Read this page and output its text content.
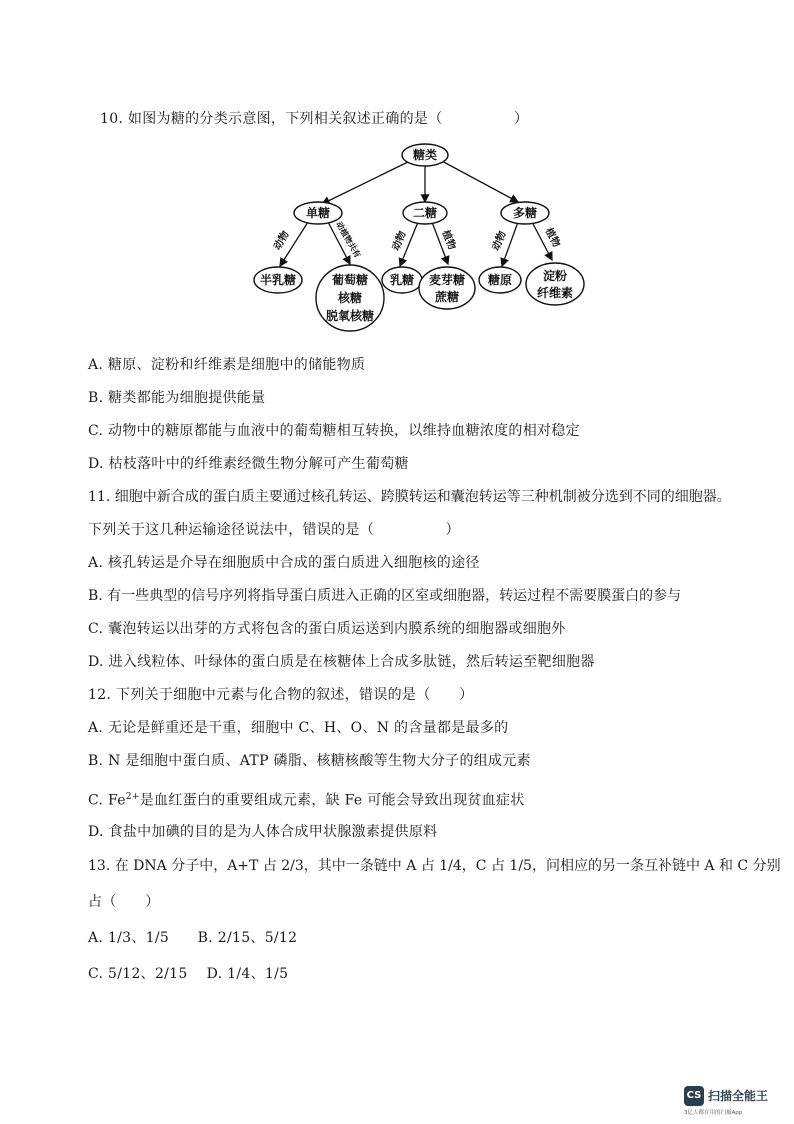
10. 如图为糖的分类示意图，下列相关叙述正确的是（　　　　　）
糖类
单糖	二糖	多糖
动物	动植物共有	动物	植物	动物	植物
半乳糖	葡萄糖
核糖
脱氧核糖
乳糖 麦芽糖
蔗糖
糖原	淀粉
纤维素
A. 糖原、淀粉和纤维素是细胞中的储能物质
B. 糖类都能为细胞提供能量
C. 动物中的糖原都能与血液中的葡萄糖相互转换，以维持血糖浓度的相对稳定
D. 枯枝落叶中的纤维素经微生物分解可产生葡萄糖
11. 细胞中新合成的蛋白质主要通过核孔转运、跨膜转运和囊泡转运等三种机制被分选到不同的细胞器。
下列关于这几种运输途径说法中，错误的是（　　　　　）
A. 核孔转运是介导在细胞质中合成的蛋白质进入细胞核的途径
B. 有一些典型的信号序列将指导蛋白质进入正确的区室或细胞器，转运过程不需要膜蛋白的参与
C. 囊泡转运以出芽的方式将包含的蛋白质运送到内膜系统的细胞器或细胞外
D. 进入线粒体、叶绿体的蛋白质是在核糖体上合成多肽链，然后转运至靶细胞器
12. 下列关于细胞中元素与化合物的叙述，错误的是（　　）
A. 无论是鲜重还是干重，细胞中 C、H、O、N 的含量都是最多的
B. N 是细胞中蛋白质、ATP 磷脂、核糖核酸等生物大分子的组成元素
C. $Fe^{2+}$是血红蛋白的重要组成元素，缺 Fe 可能会导致出现贫血症状
D. 食盐中加碘的目的是为人体合成甲状腺激素提供原料
13. 在 DNA 分子中，A+T 占 2/3，其中一条链中 A 占 1/4，C 占 1/5，问相应的另一条互补链中 A 和 C 分别
占（　　）
A. 1/3、1/5　　B. 2/15、5/12
C. 5/12、2/15　 D. 1/4、1/5
CS 扫描全能王
3亿人都在用的扫描App
